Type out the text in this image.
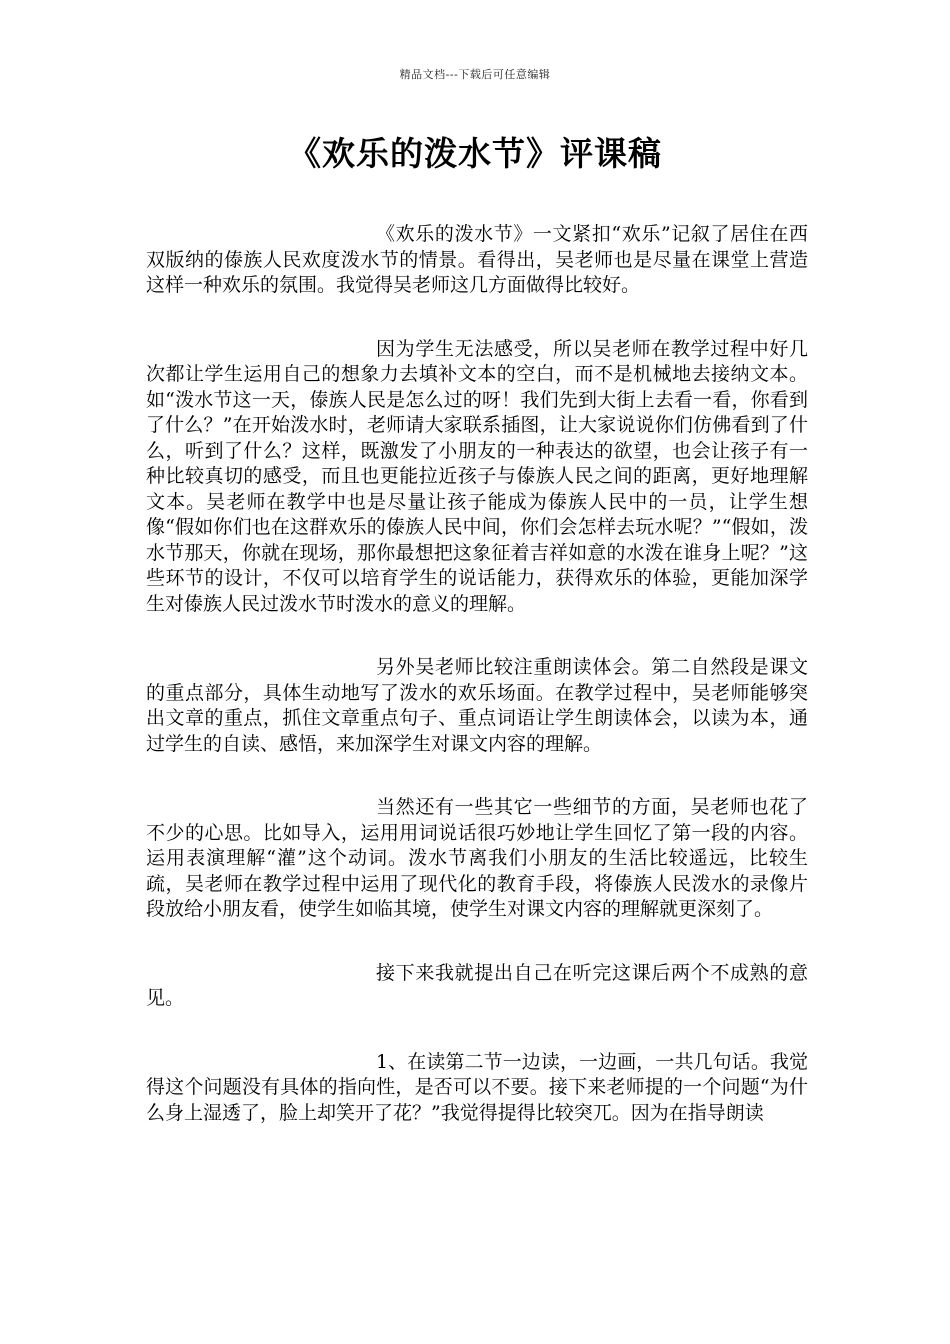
精品文档---下载后可任意编辑
《欢乐的泼水节》评课稿

《欢乐的泼水节》一文紧扣“欢乐”记叙了居住在西双版纳的傣族人民欢度泼水节的情景。看得出，吴老师也是尽量在课堂上营造这样一种欢乐的氛围。我觉得吴老师这几方面做得比较好。

因为学生无法感受，所以吴老师在教学过程中好几次都让学生运用自己的想象力去填补文本的空白，而不是机械地去接纳文本。如“泼水节这一天，傣族人民是怎么过的呀！我们先到大街上去看一看，你看到了什么？”在开始泼水时，老师请大家联系插图，让大家说说你们仿佛看到了什么，听到了什么？这样，既激发了小朋友的一种表达的欲望，也会让孩子有一种比较真切的感受，而且也更能拉近孩子与傣族人民之间的距离，更好地理解文本。吴老师在教学中也是尽量让孩子能成为傣族人民中的一员，让学生想像“假如你们也在这群欢乐的傣族人民中间，你们会怎样去玩水呢？”“假如，泼水节那天，你就在现场，那你最想把这象征着吉祥如意的水泼在谁身上呢？”这些环节的设计，不仅可以培育学生的说话能力，获得欢乐的体验，更能加深学生对傣族人民过泼水节时泼水的意义的理解。

另外吴老师比较注重朗读体会。第二自然段是课文的重点部分，具体生动地写了泼水的欢乐场面。在教学过程中，吴老师能够突出文章的重点，抓住文章重点句子、重点词语让学生朗读体会，以读为本，通过学生的自读、感悟，来加深学生对课文内容的理解。

当然还有一些其它一些细节的方面，吴老师也花了不少的心思。比如导入，运用用词说话很巧妙地让学生回忆了第一段的内容。运用表演理解“灌”这个动词。泼水节离我们小朋友的生活比较遥远，比较生疏，吴老师在教学过程中运用了现代化的教育手段，将傣族人民泼水的录像片段放给小朋友看，使学生如临其境，使学生对课文内容的理解就更深刻了。

接下来我就提出自己在听完这课后两个不成熟的意见。

1、在读第二节一边读，一边画，一共几句话。我觉得这个问题没有具体的指向性，是否可以不要。接下来老师提的一个问题“为什么身上湿透了，脸上却笑开了花？”我觉得提得比较突兀。因为在指导朗读
